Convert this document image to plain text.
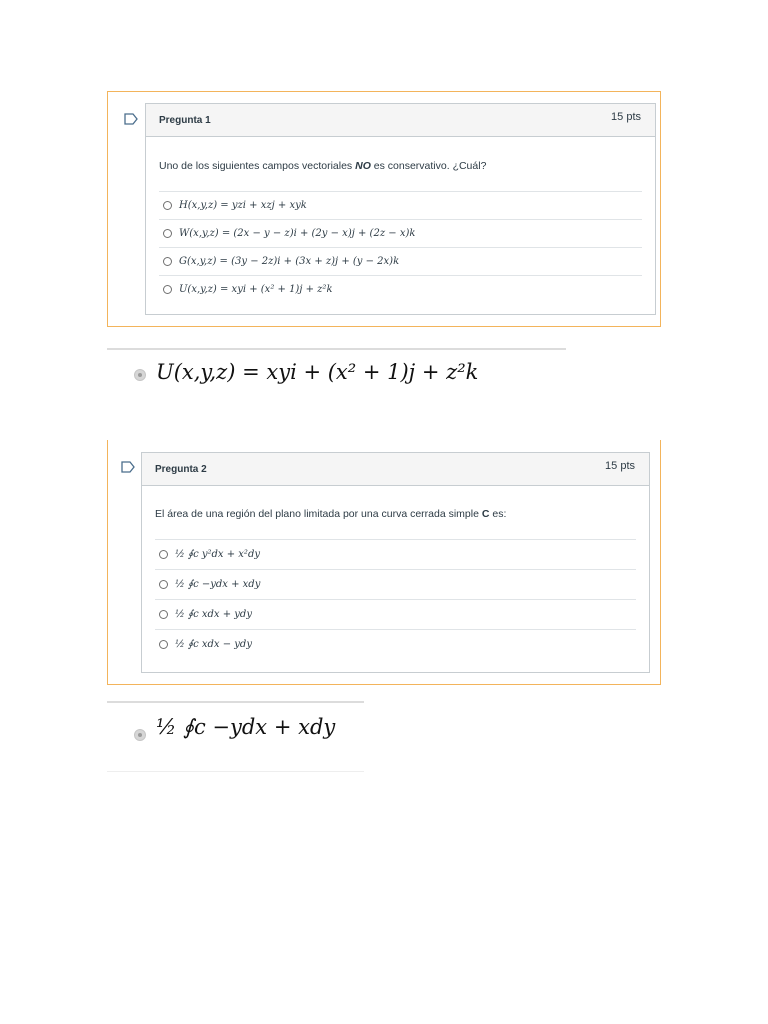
Pregunta 1	15 pts
Uno de los siguientes campos vectoriales NO es conservativo. ¿Cuál?
H(x,y,z) = yzi + xzj + xyk
W(x,y,z) = (2x − y − z)i + (2y − x)j + (2z − x)k
G(x,y,z) = (3y − 2z)i + (3x + z)j + (y − 2x)k
U(x,y,z) = xyi + (x² + 1)j + z²k
U(x,y,z) = xyi + (x² + 1)j + z²k
Pregunta 2	15 pts
El área de una región del plano limitada por una curva cerrada simple C es:
½ ∮c y²dx + x²dy
½ ∮c −ydx + xdy
½ ∮c xdx + ydy
½ ∮c xdx − ydy
½ ∮c −ydx + xdy
